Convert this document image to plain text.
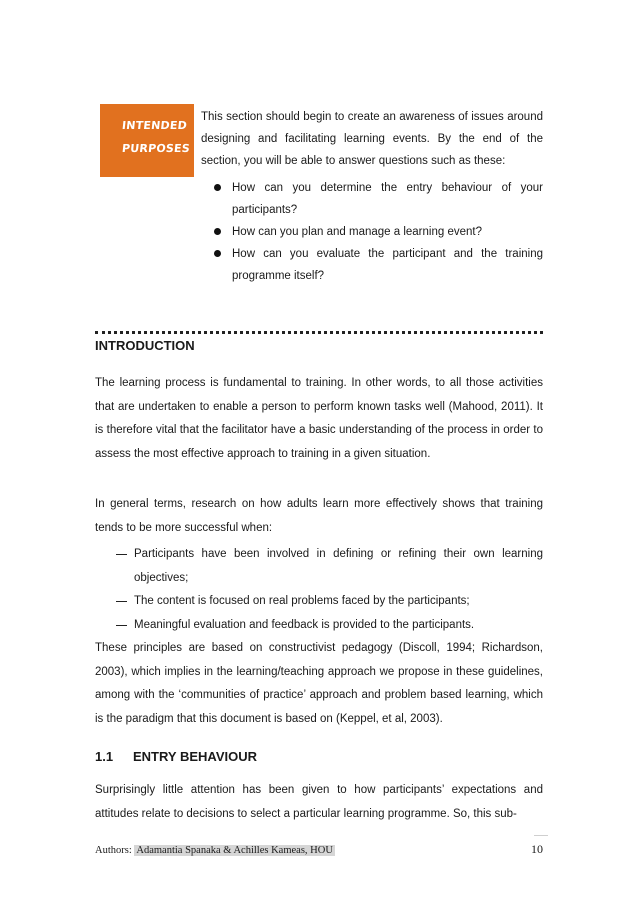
INTENDED
PURPOSES

This section should begin to create an awareness of issues around designing and facilitating learning events. By the end of the section, you will be able to answer questions such as these:

How can you determine the entry behaviour of your participants?
How can you plan and manage a learning event?
How can you evaluate the participant and the training programme itself?
INTRODUCTION

The learning process is fundamental to training. In other words, to all those activities that are undertaken to enable a person to perform known tasks well (Mahood, 2011). It is therefore vital that the facilitator have a basic understanding of the process in order to assess the most effective approach to training in a given situation.

In general terms, research on how adults learn more effectively shows that training tends to be more successful when:

Participants have been involved in defining or refining their own learning objectives;
The content is focused on real problems faced by the participants;
Meaningful evaluation and feedback is provided to the participants.

These principles are based on constructivist pedagogy (Discoll, 1994; Richardson, 2003), which implies in the learning/teaching approach we propose in these guidelines, among with the ‘communities of practice’ approach and problem based learning, which is the paradigm that this document is based on (Keppel, et al, 2003).

1.1 ENTRY BEHAVIOUR

Surprisingly little attention has been given to how participants’ expectations and attitudes relate to decisions to select a particular learning programme. So, this sub-

Authors: Adamantia Spanaka & Achilles Kameas, HOU	10
